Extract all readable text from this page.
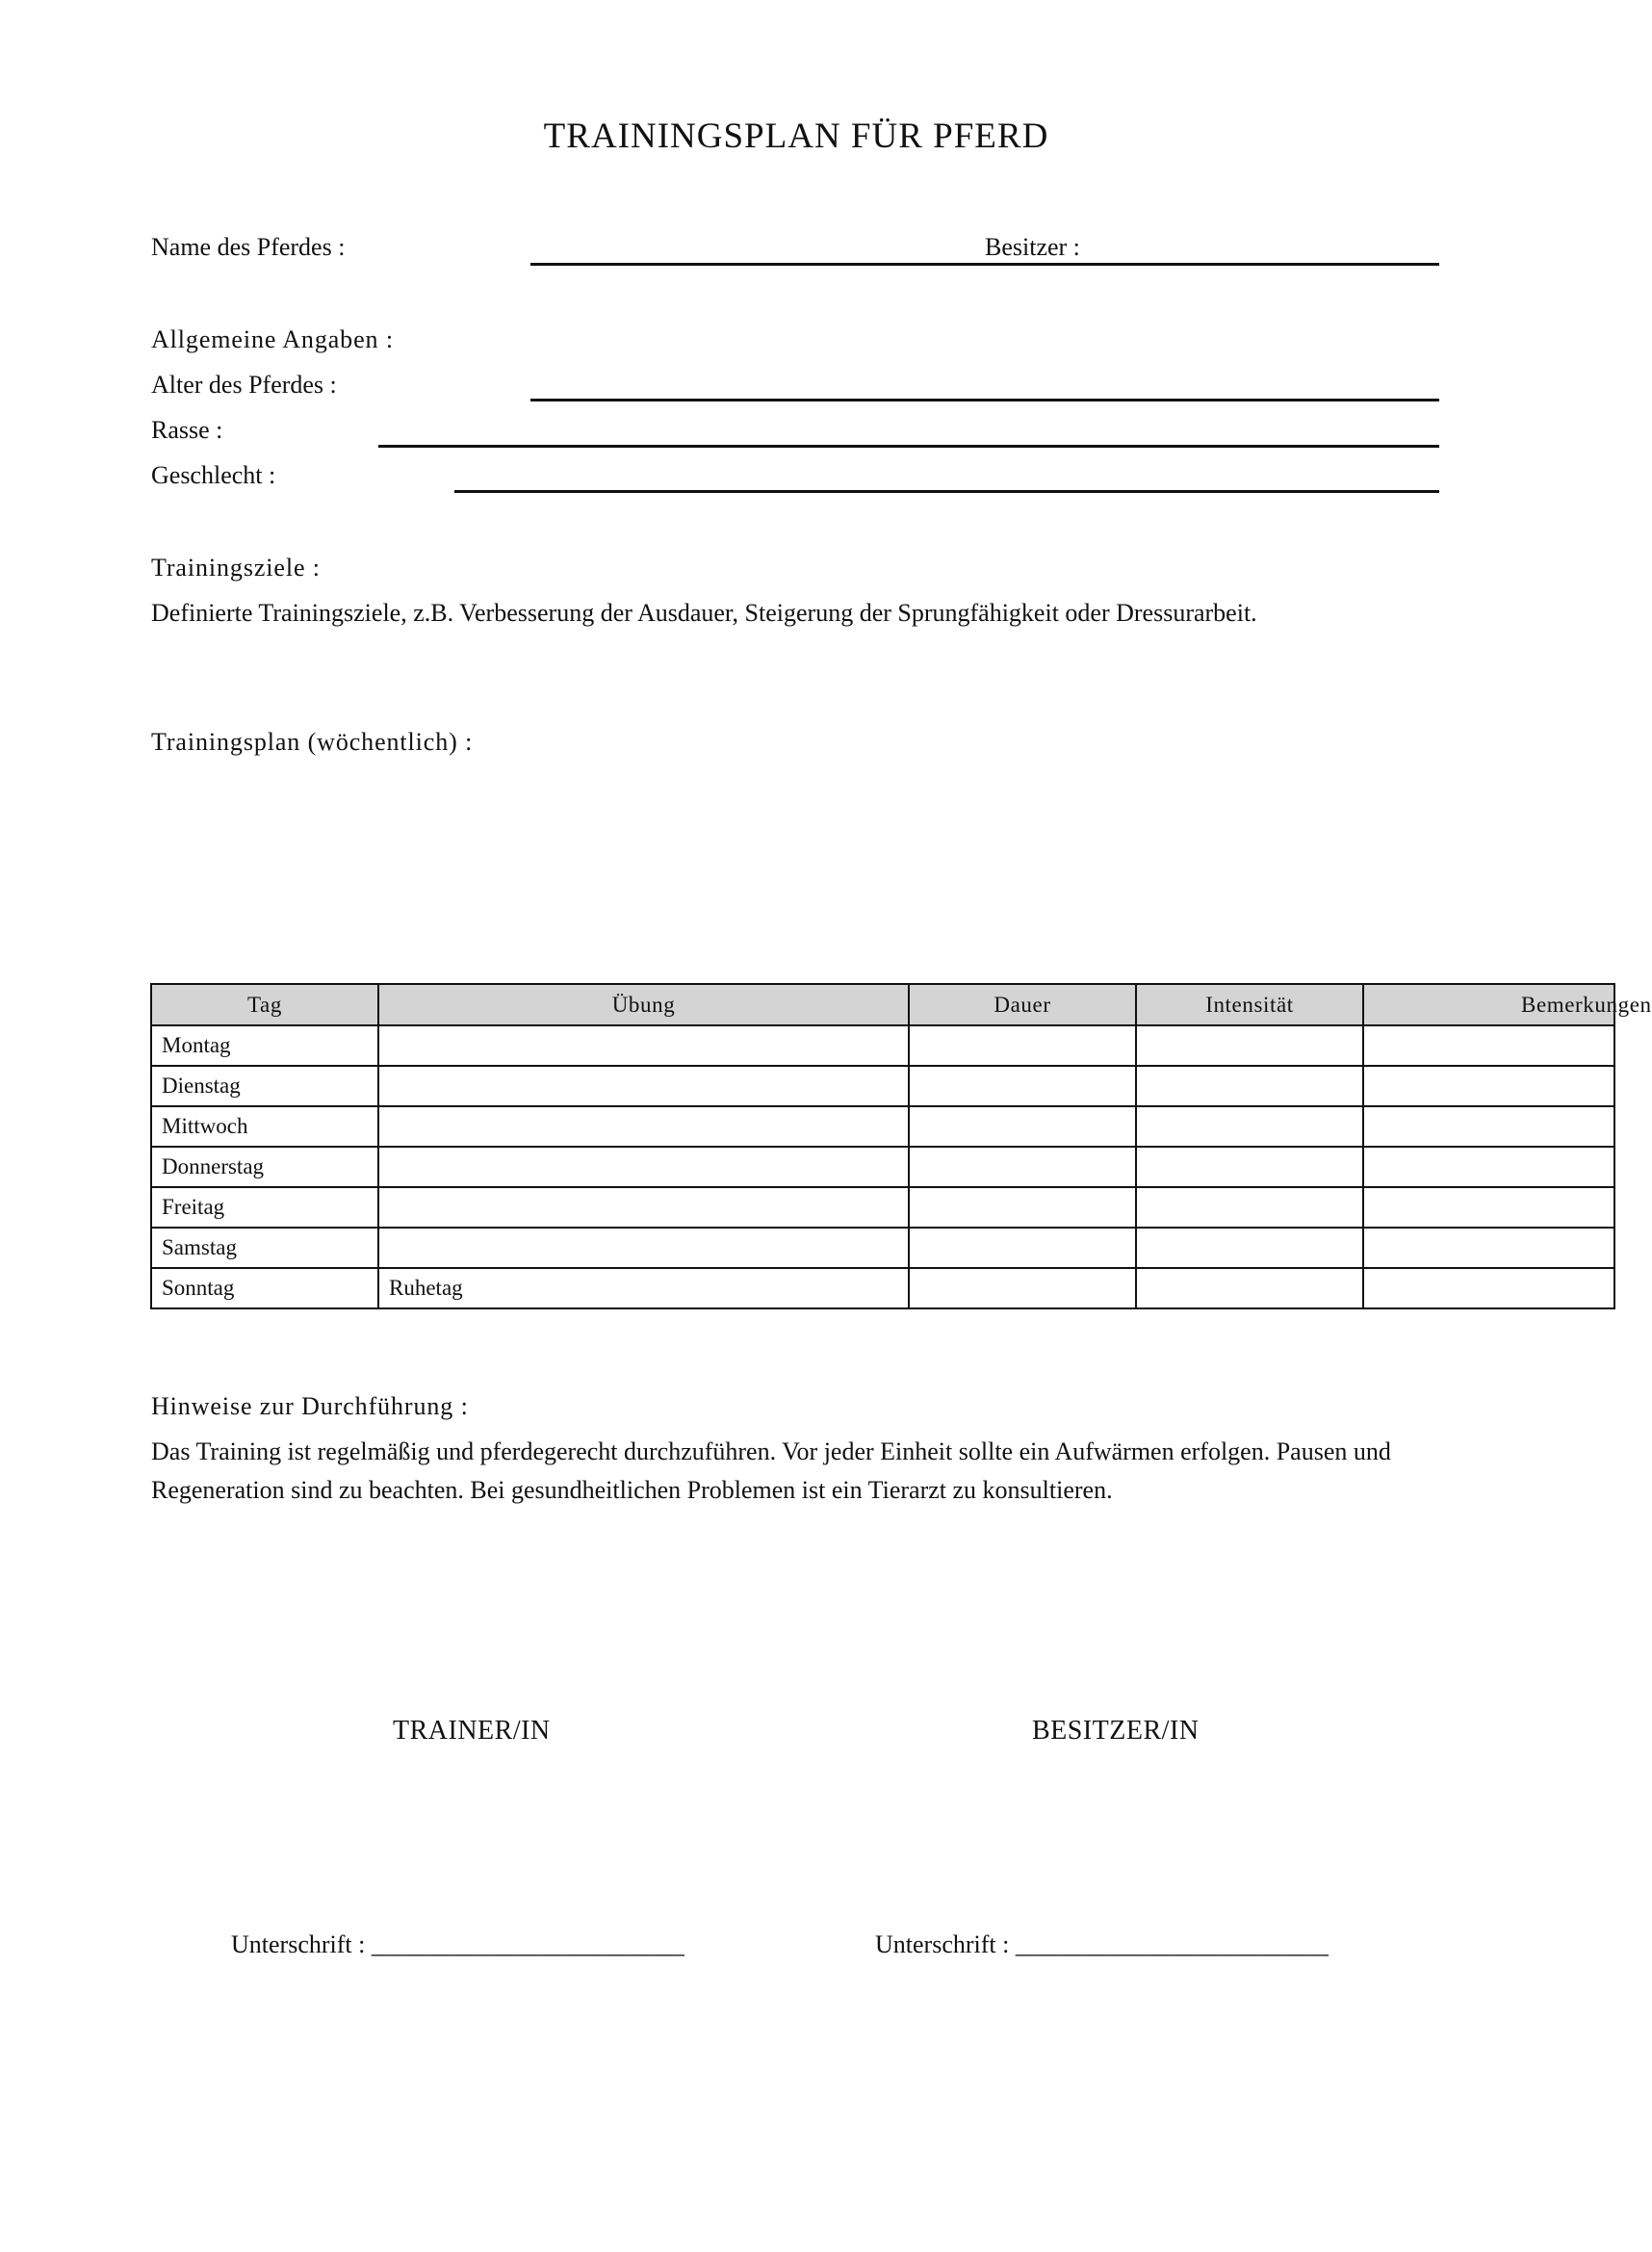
TRAININGSPLAN FÜR PFERD
Name des Pferdes :	Besitzer :
Allgemeine Angaben :
Alter des Pferdes :
Rasse :
Geschlecht :
Trainingsziele :
Definierte Trainingsziele, z.B. Verbesserung der Ausdauer, Steigerung der Sprungfähigkeit oder Dressurarbeit.
Trainingsplan (wöchentlich) :
Tag	Übung	Dauer	Intensität	Bemerkungen
Montag				
Dienstag				
Mittwoch				
Donnerstag				
Freitag				
Samstag				
Sonntag	Ruhetag			
Hinweise zur Durchführung :
Das Training ist regelmäßig und pferdegerecht durchzuführen. Vor jeder Einheit sollte ein Aufwärmen erfolgen. Pausen und Regeneration sind zu beachten. Bei gesundheitlichen Problemen ist ein Tierarzt zu konsultieren.
TRAINER/IN	BESITZER/IN
Unterschrift : _________________________	Unterschrift : _________________________
